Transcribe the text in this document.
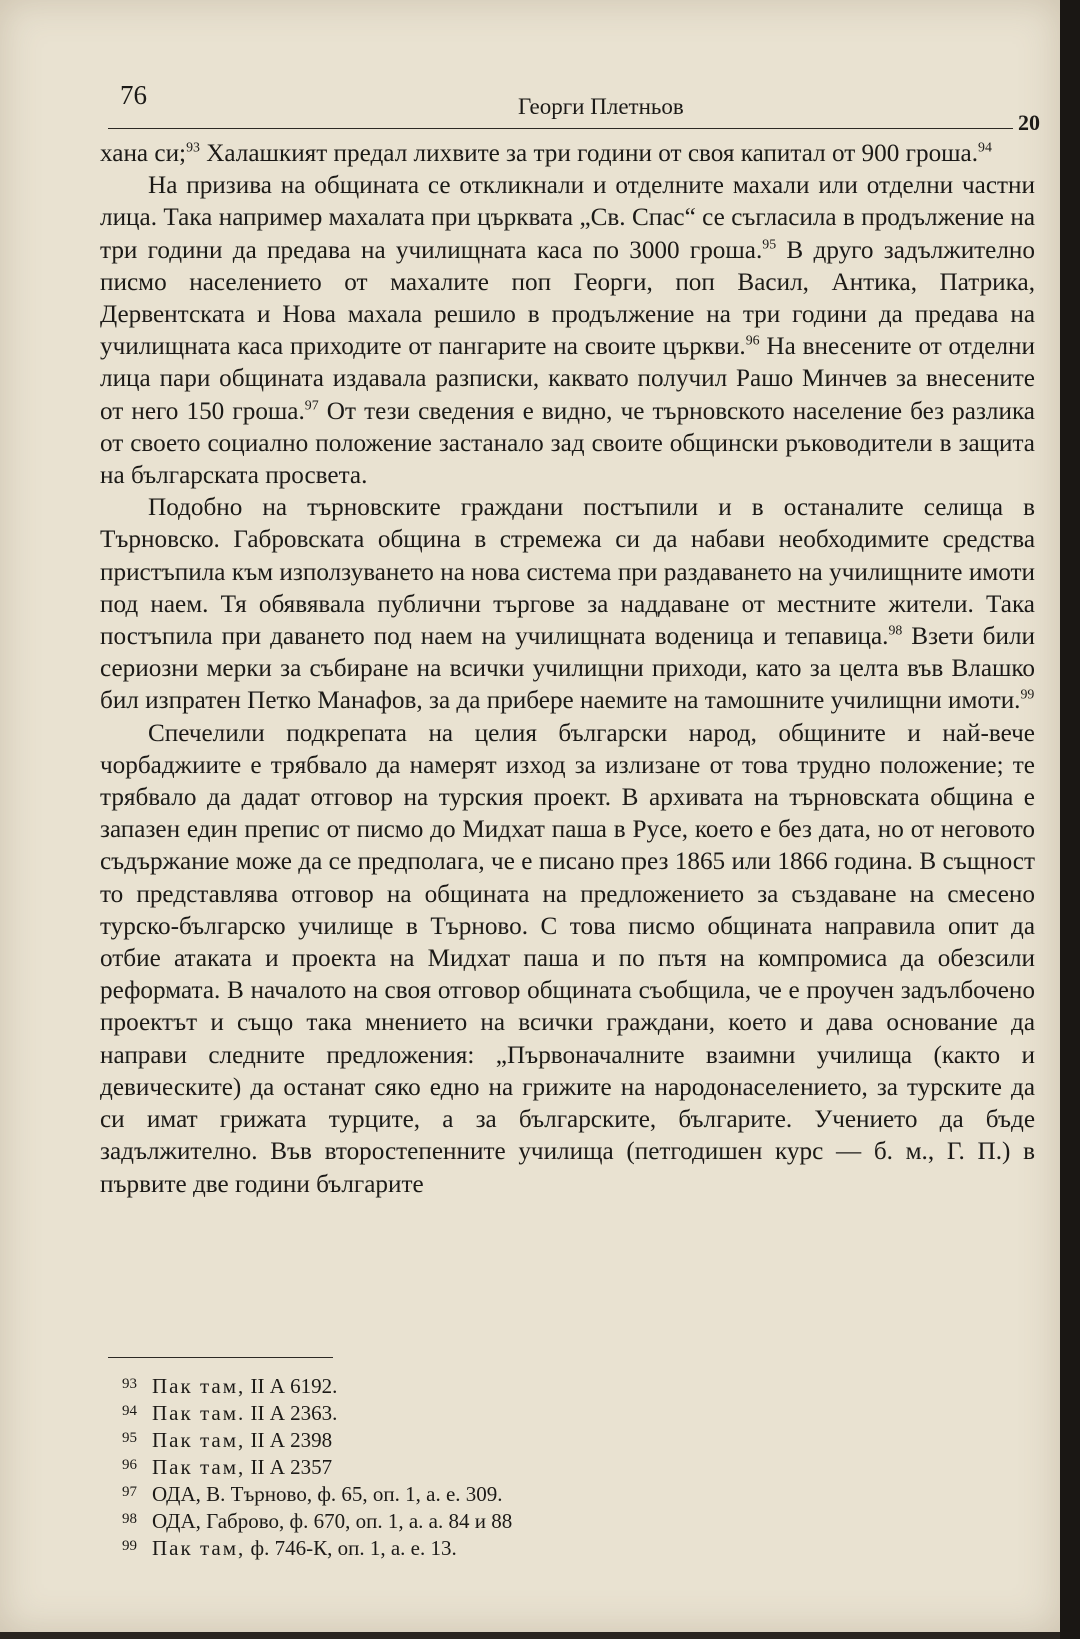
76	Георги Плетньов
20

хана си;$^{93}$ Халашкият предал лихвите за три години от своя капитал от 900 гроша.$^{94}$

На призива на общината се откликнали и отделните махали или отделни частни лица. Така например махалата при църквата „Св. Спас“ се съгласила в продължение на три години да предава на училищната каса по 3000 гроша.$^{95}$ В друго задължително писмо населението от махалите поп Георги, поп Васил, Антика, Патрика, Дервентската и Нова махала решило в продължение на три години да предава на училищната каса приходите от пангарите на своите църкви.$^{96}$ На внесените от отделни лица пари общината издавала разписки, каквато получил Рашо Минчев за внесените от него 150 гроша.$^{97}$ От тези сведения е видно, че търновското население без разлика от своето социално положение застанало зад своите общински ръководители в защита на българската просвета.

Подобно на търновските граждани постъпили и в останалите селища в Търновско. Габровската община в стремежа си да набави необходимите средства пристъпила към използуването на нова система при раздаването на училищните имоти под наем. Тя обявявала публични търгове за наддаване от местните жители. Така постъпила при даването под наем на училищната воденица и тепавица.$^{98}$ Взети били сериозни мерки за събиране на всички училищни приходи, като за целта във Влашко бил изпратен Петко Манафов, за да прибере наемите на тамошните училищни имоти.$^{99}$

Спечелили подкрепата на целия български народ, общините и най-вече чорбаджиите е трябвало да намерят изход за излизане от това трудно положение; те трябвало да дадат отговор на турския проект. В архивата на търновската община е запазен един препис от писмо до Мидхат паша в Русе, което е без дата, но от неговото съдържание може да се предполага, че е писано през 1865 или 1866 година. В същност то представлява отговор на общината на предложението за създаване на смесено турско-българско училище в Търново. С това писмо общината направила опит да отбие атаката и проекта на Мидхат паша и по пътя на компромиса да обезсили реформата. В началото на своя отговор общината съобщила, че е проучен задълбочено проектът и също така мнението на всички граждани, което и дава основание да направи следните предложения: „Първоначалните взаимни училища (както и девическите) да останат сяко едно на грижите на народонаселението, за турските да си имат грижата турците, а за българските, българите. Учението да бъде задължително. Във второстепенните училища (петгодишен курс — б. м., Г. П.) в първите две години българите

93 Пак там, II А 6192.
94 Пак там. II А 2363.
95 Пак там, II А 2398
96 Пак там, II А 2357
97 ОДА, В. Търново, ф. 65, оп. 1, а. е. 309.
98 ОДА, Габрово, ф. 670, оп. 1, а. а. 84 и 88
99 Пак там, ф. 746-К, оп. 1, а. е. 13.
